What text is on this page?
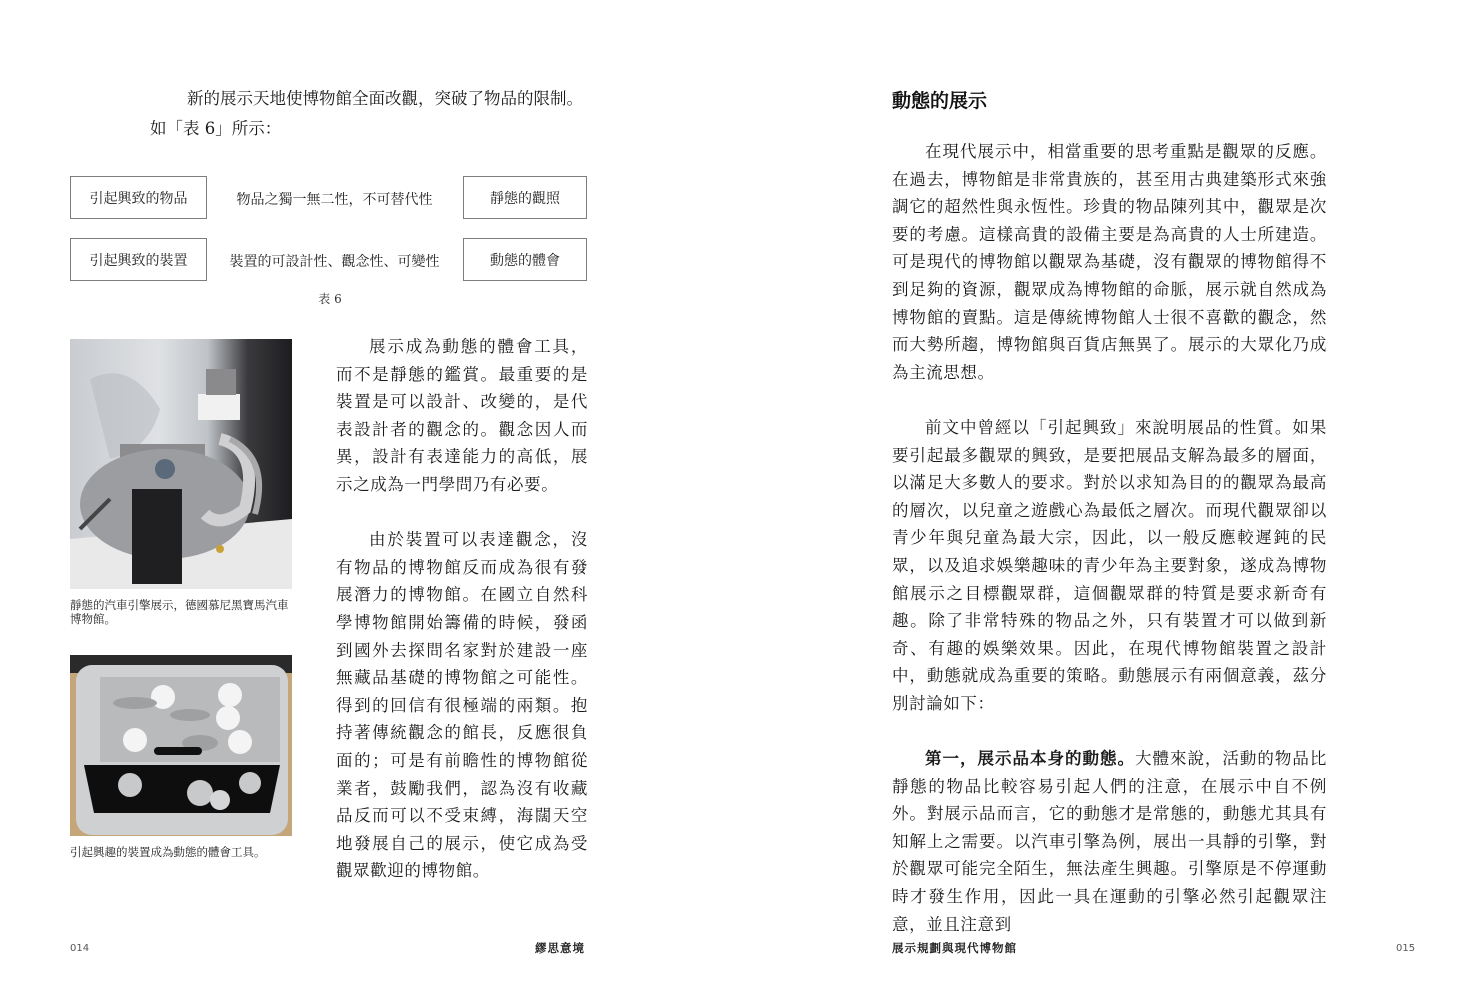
新的展示天地使博物館全面改觀，突破了物品的限制。
如「表 6」所示：
引起興致的物品	物品之獨一無二性，不可替代性	靜態的觀照
引起興致的裝置	裝置的可設計性、觀念性、可變性	動態的體會
表 6
靜態的汽車引擎展示，德國慕尼黑寶馬汽車博物館。
引起興趣的裝置成為動態的體會工具。

展示成為動態的體會工具，而不是靜態的鑑賞。最重要的是裝置是可以設計、改變的，是代表設計者的觀念的。觀念因人而異，設計有表達能力的高低，展示之成為一門學問乃有必要。

由於裝置可以表達觀念，沒有物品的博物館反而成為很有發展潛力的博物館。在國立自然科學博物館開始籌備的時候，發函到國外去探問名家對於建設一座無藏品基礎的博物館之可能性。得到的回信有很極端的兩類。抱持著傳統觀念的館長，反應很負面的；可是有前瞻性的博物館從業者，鼓勵我們，認為沒有收藏品反而可以不受束縛，海闊天空地發展自己的展示，使它成為受觀眾歡迎的博物館。

014	繆思意境
動態的展示

在現代展示中，相當重要的思考重點是觀眾的反應。在過去，博物館是非常貴族的，甚至用古典建築形式來強調它的超然性與永恆性。珍貴的物品陳列其中，觀眾是次要的考慮。這樣高貴的設備主要是為高貴的人士所建造。可是現代的博物館以觀眾為基礎，沒有觀眾的博物館得不到足夠的資源，觀眾成為博物館的命脈，展示就自然成為博物館的賣點。這是傳統博物館人士很不喜歡的觀念，然而大勢所趨，博物館與百貨店無異了。展示的大眾化乃成為主流思想。

前文中曾經以「引起興致」來說明展品的性質。如果要引起最多觀眾的興致，是要把展品支解為最多的層面，以滿足大多數人的要求。對於以求知為目的的觀眾為最高的層次，以兒童之遊戲心為最低之層次。而現代觀眾卻以青少年與兒童為最大宗，因此，以一般反應較遲鈍的民眾，以及追求娛樂趣味的青少年為主要對象，遂成為博物館展示之目標觀眾群，這個觀眾群的特質是要求新奇有趣。除了非常特殊的物品之外，只有裝置才可以做到新奇、有趣的娛樂效果。因此，在現代博物館裝置之設計中，動態就成為重要的策略。動態展示有兩個意義，茲分別討論如下：

第一，展示品本身的動態。大體來說，活動的物品比靜態的物品比較容易引起人們的注意，在展示中自不例外。對展示品而言，它的動態才是常態的，動態尤其具有知解上之需要。以汽車引擎為例，展出一具靜的引擎，對於觀眾可能完全陌生，無法產生興趣。引擎原是不停運動時才發生作用，因此一具在運動的引擎必然引起觀眾注意，並且注意到

展示規劃與現代博物館	015
